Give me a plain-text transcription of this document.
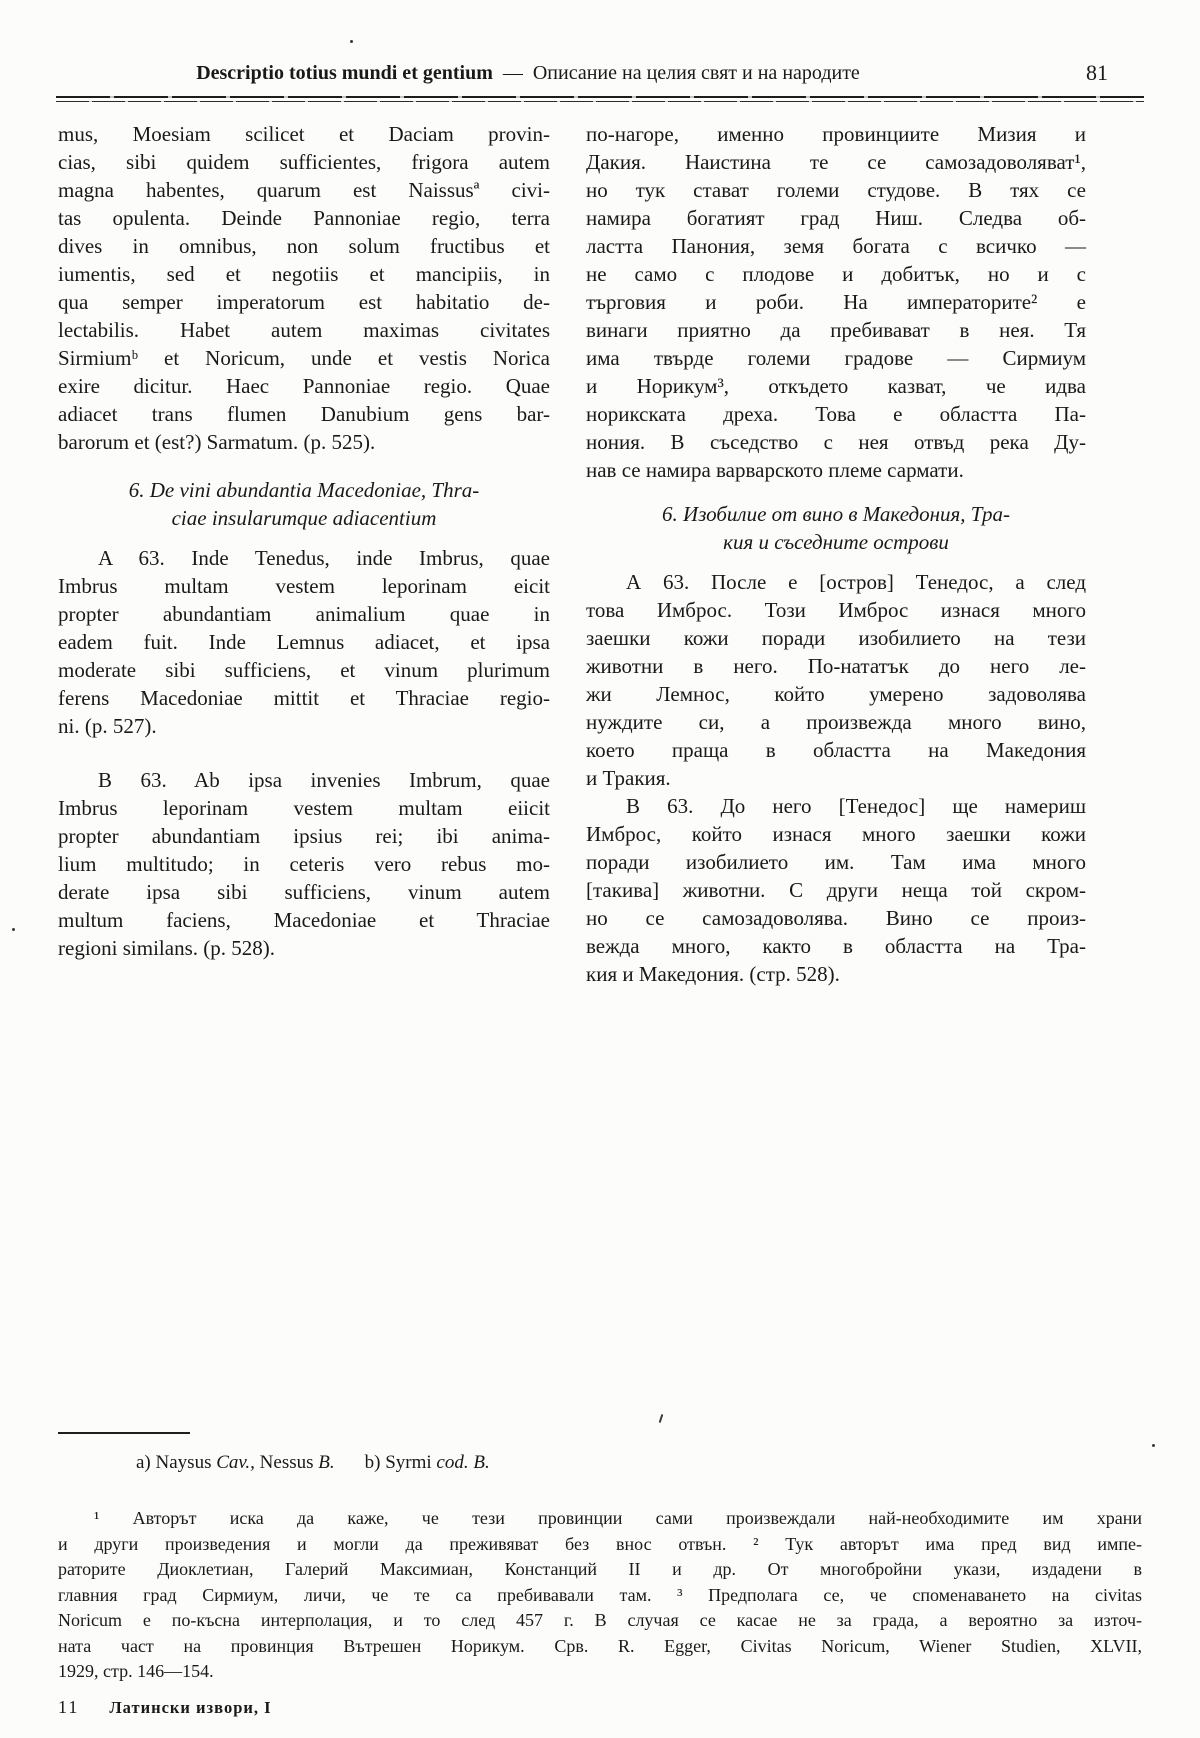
Descriptio totius mundi et gentium — Описание на целия свят и на народите	81
mus, Moesiam scilicet et Daciam provin-
cias, sibi quidem sufficientes, frigora autem
magna habentes, quarum est Naissusª civi-
tas opulenta. Deinde Pannoniae regio, terra
dives in omnibus, non solum fructibus et
iumentis, sed et negotiis et mancipiis, in
qua semper imperatorum est habitatio de-
lectabilis. Habet autem maximas civitates
Sirmiumᵇ et Noricum, unde et vestis Norica
exire dicitur. Haec Pannoniae regio. Quae
adiacet trans flumen Danubium gens bar-
barorum et (est?) Sarmatum. (p. 525).
6. De vini abundantia Macedoniae, Thra-
ciae insularumque adiacentium
A 63. Inde Tenedus, inde Imbrus, quae
Imbrus multam vestem leporinam eicit
propter abundantiam animalium quae in
eadem fuit. Inde Lemnus adiacet, et ipsa
moderate sibi sufficiens, et vinum plurimum
ferens Macedoniae mittit et Thraciae regio-
ni. (p. 527).
B 63. Ab ipsa invenies Imbrum, quae
Imbrus leporinam vestem multam eiicit
propter abundantiam ipsius rei; ibi anima-
lium multitudo; in ceteris vero rebus mo-
derate ipsa sibi sufficiens, vinum autem
multum faciens, Macedoniae et Thraciae
regioni similans. (p. 528).
по-нагоре, именно провинциите Мизия и
Дакия. Наистина те се самозадоволяват¹,
но тук стават големи студове. В тях се
намира богатият град Ниш. Следва об-
ластта Панония, земя богата с всичко —
не само с плодове и добитък, но и с
търговия и роби. На императорите² е
винаги приятно да пребивават в нея. Тя
има твърде големи градове — Сирмиум
и Норикум³, откъдето казват, че идва
норикската дреха. Това е областта Па-
нония. В съседство с нея отвъд река Ду-
нав се намира варварското племе сармати.
6. Изобилие от вино в Македония, Тра-
кия и съседните острови
А 63. После е [остров] Тенедос, а след
това Имброс. Този Имброс изнася много
заешки кожи поради изобилието на тези
животни в него. По-нататък до него ле-
жи Лемнос, който умерено задоволява
нуждите си, а произвежда много вино,
което праща в областта на Македония
и Тракия.
В 63. До него [Тенедос] ще намериш
Имброс, който изнася много заешки кожи
поради изобилието им. Там има много
[такива] животни. С други неща той скром-
но се самозадоволява. Вино се произ-
вежда много, както в областта на Тра-
кия и Македония. (стр. 528).
a) Naysus Cav., Nessus B. b) Syrmi cod. B.
¹ Авторът иска да каже, че тези провинции сами произвеждали най-необходимите им храни
и други произведения и могли да преживяват без внос отвън. ² Тук авторът има пред вид импе-
раторите Диоклетиан, Галерий Максимиан, Констанций II и др. От многобройни укази, издадени в
главния град Сирмиум, личи, че те са пребивавали там. ³ Предполага се, че споменаването на civitas
Noricum е по-късна интерполация, и то след 457 г. В случая се касае не за града, а вероятно за източ-
ната част на провинция Вътрешен Норикум. Срв. R. Egger, Civitas Noricum, Wiener Studien, XLVII,
1929, стр. 146—154.
11 Латински извори, I
